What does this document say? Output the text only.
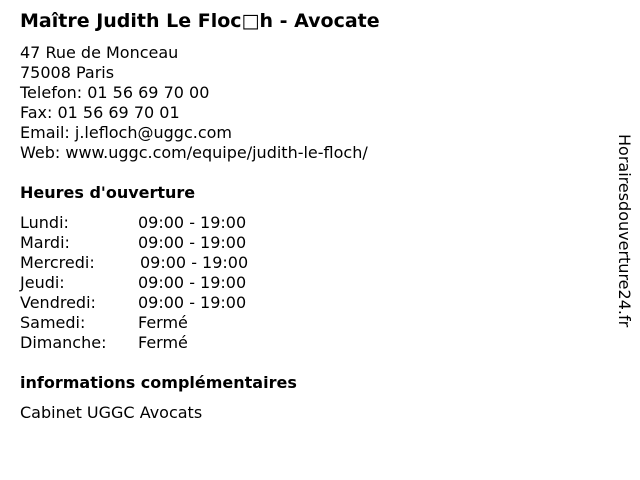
Maître Judith Le Floc□h - Avocate
47 Rue de Monceau
75008 Paris
Telefon: 01 56 69 70 00
Fax: 01 56 69 70 01
Email: j.lefloch@uggc.com
Web: www.uggc.com/equipe/judith-le-floch/
Heures d'ouverture
Lundi:	09:00 - 19:00
Mardi:	09:00 - 19:00
Mercredi:	09:00 - 19:00
Jeudi:	09:00 - 19:00
Vendredi:	09:00 - 19:00
Samedi:	Fermé
Dimanche: Fermé
informations complémentaires
Cabinet UGGC Avocats
Horairesdouverture24.fr
